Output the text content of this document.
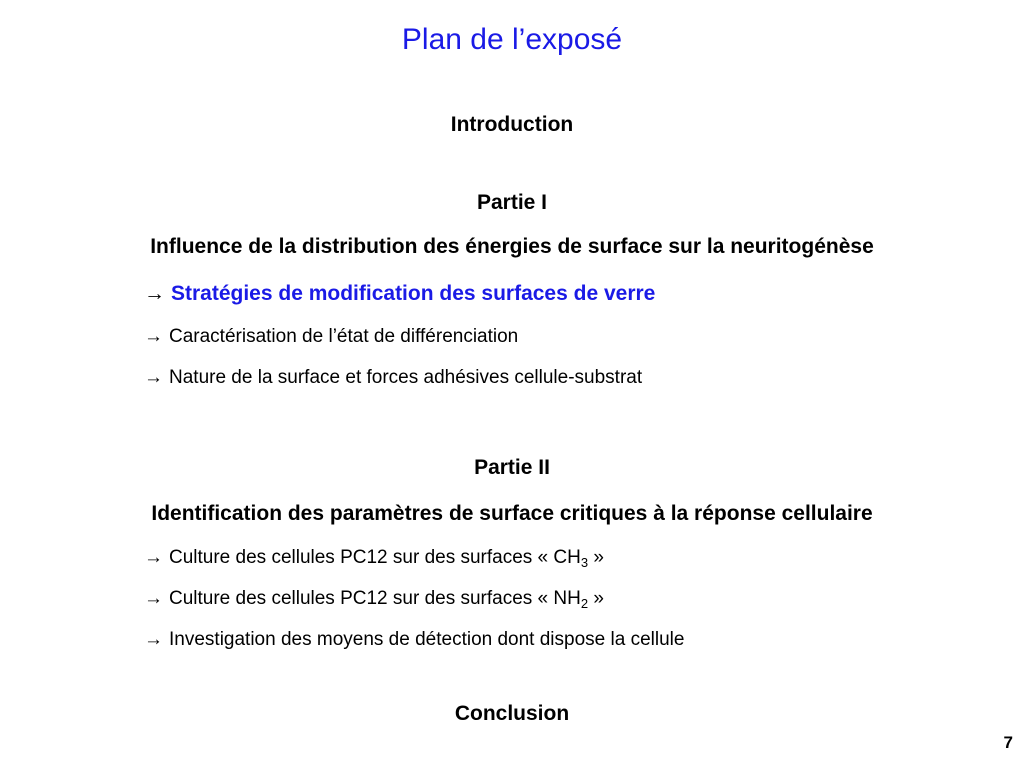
Plan de l’exposé
Introduction
Partie I
Influence de la distribution des énergies de surface sur la neuritogénèse
→ Stratégies de modification des surfaces de verre
→ Caractérisation de l’état de différenciation
→ Nature de la surface et forces adhésives cellule-substrat
Partie II
Identification des paramètres de surface critiques à la réponse cellulaire
→ Culture des cellules PC12 sur des surfaces « $CH_3$ »
→ Culture des cellules PC12 sur des surfaces « $NH_2$ »
→ Investigation des moyens de détection dont dispose la cellule
Conclusion
7
